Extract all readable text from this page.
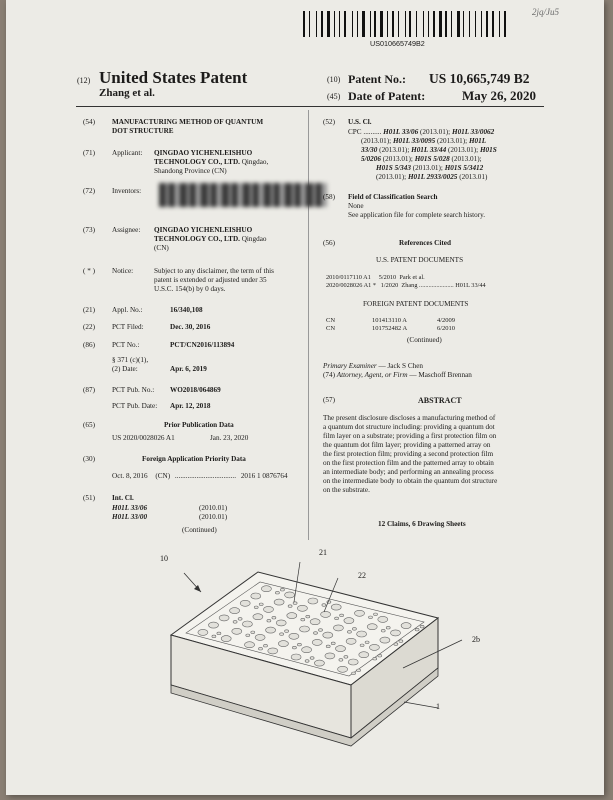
2jq/Ju5
US010665749B2
(12) United States Patent
Zhang et al.
(10) Patent No.: US 10,665,749 B2
(45) Date of Patent:	May 26, 2020
(54) MANUFACTURING METHOD OF QUANTUM
DOT STRUCTURE
(71) Applicant: QINGDAO YICHENLEISHUO
TECHNOLOGY CO., LTD. Qingdao,
Shandong Province (CN)
(72) Inventors:
(73) Assignee: QINGDAO YICHENLEISHUO
TECHNOLOGY CO., LTD. Qingdao
(CN)
( * ) Notice:	Subject to any disclaimer, the term of this
patent is extended or adjusted under 35
U.S.C. 154(b) by 0 days.
(21) Appl. No.:	16/340,108
(22) PCT Filed:	Dec. 30, 2016
(86) PCT No.:	PCT/CN2016/113894
§ 371 (c)(1),
(2) Date:	Apr. 6, 2019
(87) PCT Pub. No.: WO2018/064869
PCT Pub. Date: Apr. 12, 2018
(65)	Prior Publication Data
US 2020/0028026 A1	Jan. 23, 2020
(30)	Foreign Application Priority Data
Oct. 8, 2016 (CN) .................................. 2016 1 0876764
(51) Int. Cl.
H01L 33/06	(2010.01)
H01L 33/00	(2010.01)
(Continued)
(52) U.S. Cl.
CPC .......... H01L 33/06 (2013.01); H01L 33/0062
(2013.01); H01L 33/0095 (2013.01); H01L
33/30 (2013.01); H01L 33/44 (2013.01); H01S
5/0206 (2013.01); H01S 5/028 (2013.01);
H01S 5/343 (2013.01); H01S 5/3412
(2013.01); H01L 2933/0025 (2013.01)
(58) Field of Classification Search
None
See application file for complete search history.
(56)	References Cited
U.S. PATENT DOCUMENTS
2010/0117110 A1     5/2010  Park et al.
2020/0028026 A1 *   1/2020  Zhang ...................... H01L 33/44
FOREIGN PATENT DOCUMENTS
CN	101413110 A	4/2009
CN	101752482 A	6/2010
(Continued)
Primary Examiner — Jack S Chen
(74) Attorney, Agent, or Firm — Maschoff Brennan
(57)	ABSTRACT
The present disclosure discloses a manufacturing method of
a quantum dot structure including: providing a quantum dot
film layer on a substrate; providing a first protection film on
the quantum dot film layer; providing a patterned array on
the first protection film; providing a second protection film
on the first protection film and the patterned array to obtain
an intermediate body; and performing an annealing process
on the intermediate body to obtain the quantum dot structure
on the substrate.
12 Claims, 6 Drawing Sheets
10
21
22
2b
1
